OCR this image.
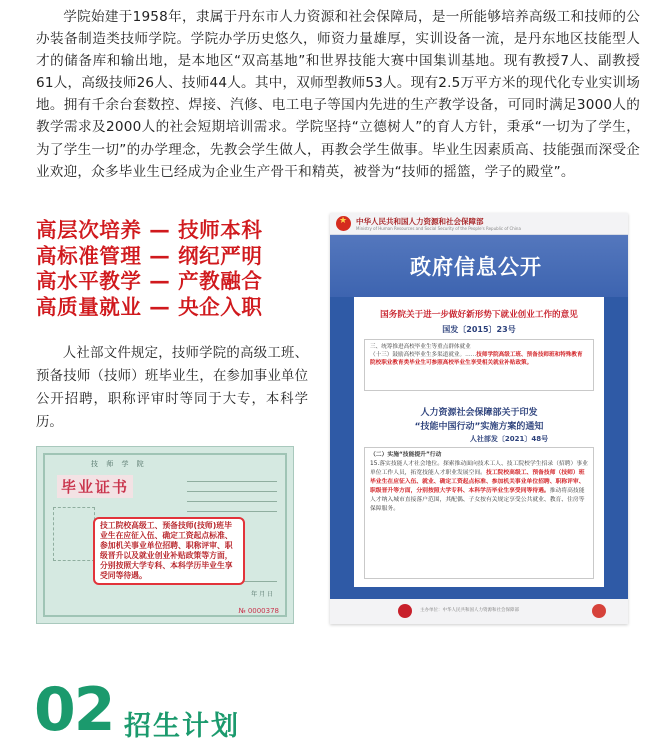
学院始建于1958年，隶属于丹东市人力资源和社会保障局，是一所能够培养高级工和技师的公办装备制造类技师学院。学院办学历史悠久，师资力量雄厚，实训设备一流，是丹东地区技能型人才的储备库和输出地，是本地区“双高基地”和世界技能大赛中国集训基地。现有教授7人、副教授61人，高级技师26人、技师44人。其中，双师型教师53人。现有2.5万平方米的现代化专业实训场地。拥有千余台套数控、焊接、汽修、电工电子等国内先进的生产教学设备，可同时满足3000人的教学需求及2000人的社会短期培训需求。学院坚持“立德树人”的育人方针，秉承“一切为了学生，为了学生一切”的办学理念，先教会学生做人，再教会学生做事。毕业生因素质高、技能强而深受企业欢迎，众多毕业生已经成为企业生产骨干和精英，被誉为“技师的摇篮，学子的殿堂”。

高层次培养 — 技师本科
高标准管理 — 纲纪严明
高水平教学 — 产教融合
高质量就业 — 央企入职

人社部文件规定，技师学院的高级工班、预备技师（技师）班毕业生，在参加事业单位公开招聘，职称评审时等同于大专，本科学历。

技 师 学 院
毕业证书
技工院校高级工、预备技师(技师)班毕业生在应征入伍、确定工资起点标准、参加机关事业单位招聘、职称评审、职级晋升以及就业创业补贴政策等方面，分别按照大学专科、本科学历毕业生享受同等待遇。
年 月 日
№ 0000378
★
中华人民共和国人力资源和社会保障部
Ministry of Human Resources and Social Security of the People's Republic of China
政府信息公开
国务院关于进一步做好新形势下就业创业工作的意见
国发〔2015〕23号
三、统筹推进高校毕业生等重点群体就业
（十三）鼓励高校毕业生多渠道就业。……技师学院高级工班、预备技师班和特殊教育院校职业教育类毕业生可参照高校毕业生享受相关就业补贴政策。
人力资源社会保障部关于印发
“技能中国行动”实施方案的通知
人社部发〔2021〕48号
（二）实施“技能提升”行动
15.落实技能人才社会地位。探索推动面向技术工人、技工院校学生招录（招聘）事业单位工作人员，拓宽技能人才职业发展空间。技工院校高级工、预备技师（技师）班毕业生在应征入伍、就业、确定工资起点标准、参加机关事业单位招聘、职称评审、职级晋升等方面，分别按照大学专科、本科学历毕业生享受同等待遇。推动将高技能人才纳入城市直接落户范围，其配偶、子女按有关规定享受公共就业、教育、住房等保障服务。
主办单位：中华人民共和国人力资源和社会保障部
02 招生计划
